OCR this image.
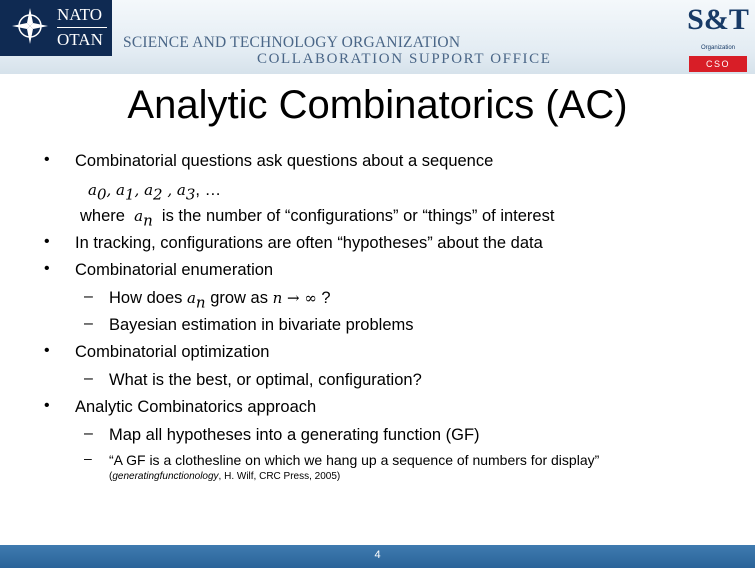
NATO
OTAN SCIENCE AND TECHNOLOGY ORGANIZATION
COLLABORATION SUPPORT OFFICE
S&T
Organization
CSO
Analytic Combinatorics (AC)
• Combinatorial questions ask questions about a sequence
$a_0$, $a_1$, $a_2$ , $a_3$, …
where $a_n$ is the number of “configurations” or “things” of interest
• In tracking, configurations are often “hypotheses” about the data
• Combinatorial enumeration
– How does $a_n$ grow as n → ∞ ?
– Bayesian estimation in bivariate problems
• Combinatorial optimization
– What is the best, or optimal, configuration?
• Analytic Combinatorics approach
– Map all hypotheses into a generating function (GF)
– “A GF is a clothesline on which we hang up a sequence of numbers for display”
(generatingfunctionology, H. Wilf, CRC Press, 2005)
4
